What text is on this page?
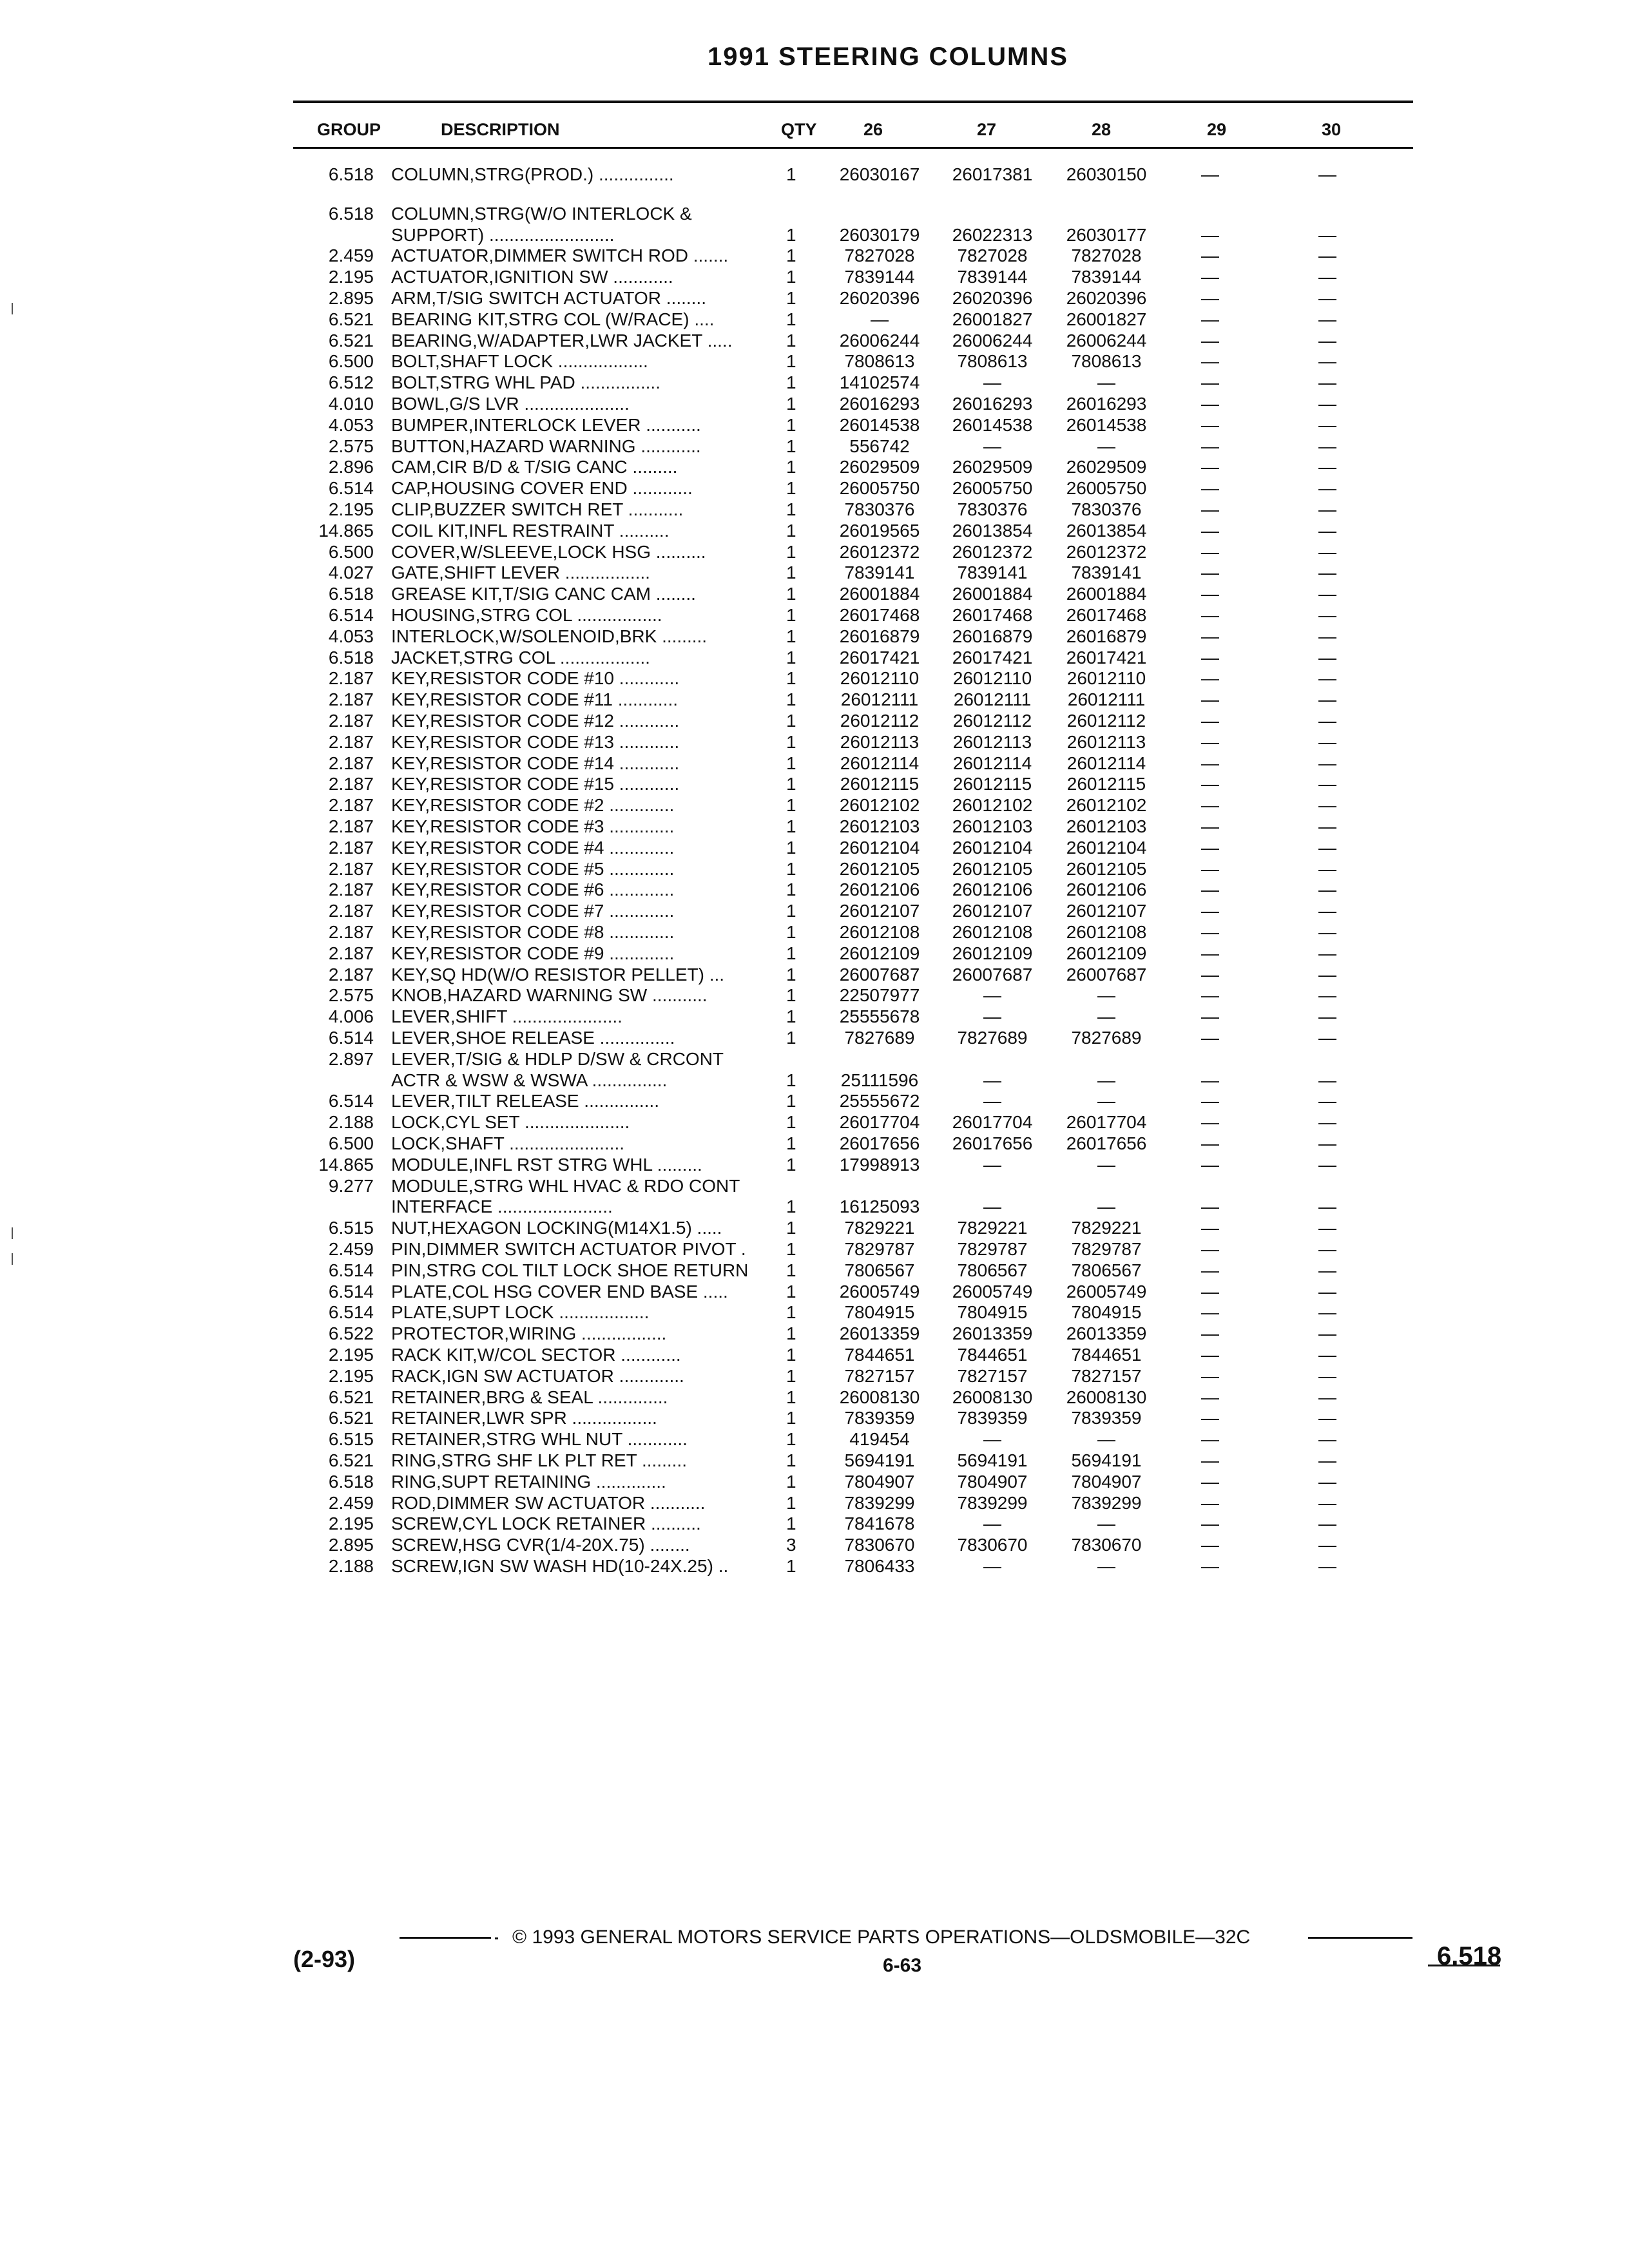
1991 STEERING COLUMNS
GROUP	DESCRIPTION	QTY	26	27	28	29	30
6.518 COLUMN,STRG(PROD.) ...............	1	26030167	26017381	26030150	—	—
6.518 COLUMN,STRG(W/O INTERLOCK &
SUPPORT) .........................	1	26030179	26022313	26030177	—	—
2.459 ACTUATOR,DIMMER SWITCH ROD .......	1	7827028	7827028	7827028	—	—
2.195 ACTUATOR,IGNITION SW ............	1	7839144	7839144	7839144	—	—
2.895 ARM,T/SIG SWITCH ACTUATOR ........	1	26020396	26020396	26020396	—	—
6.521 BEARING KIT,STRG COL (W/RACE) ....	1	—	26001827	26001827	—	—
6.521 BEARING,W/ADAPTER,LWR JACKET .....	1	26006244	26006244	26006244	—	—
6.500 BOLT,SHAFT LOCK ..................	1	7808613	7808613	7808613	—	—
6.512 BOLT,STRG WHL PAD ................	1	14102574	—	—	—	—
4.010 BOWL,G/S LVR .....................	1	26016293	26016293	26016293	—	—
4.053 BUMPER,INTERLOCK LEVER ...........	1	26014538	26014538	26014538	—	—
2.575 BUTTON,HAZARD WARNING ............	1	556742	—	—	—	—
2.896 CAM,CIR B/D & T/SIG CANC .........	1	26029509	26029509	26029509	—	—
6.514 CAP,HOUSING COVER END ............	1	26005750	26005750	26005750	—	—
2.195 CLIP,BUZZER SWITCH RET ...........	1	7830376	7830376	7830376	—	—
14.865 COIL KIT,INFL RESTRAINT ..........	1	26019565	26013854	26013854	—	—
6.500 COVER,W/SLEEVE,LOCK HSG ..........	1	26012372	26012372	26012372	—	—
4.027 GATE,SHIFT LEVER .................	1	7839141	7839141	7839141	—	—
6.518 GREASE KIT,T/SIG CANC CAM ........	1	26001884	26001884	26001884	—	—
6.514 HOUSING,STRG COL .................	1	26017468	26017468	26017468	—	—
4.053 INTERLOCK,W/SOLENOID,BRK .........	1	26016879	26016879	26016879	—	—
6.518 JACKET,STRG COL ..................	1	26017421	26017421	26017421	—	—
2.187 KEY,RESISTOR CODE #10 ............	1	26012110	26012110	26012110	—	—
2.187 KEY,RESISTOR CODE #11 ............	1	26012111	26012111	26012111	—	—
2.187 KEY,RESISTOR CODE #12 ............	1	26012112	26012112	26012112	—	—
2.187 KEY,RESISTOR CODE #13 ............	1	26012113	26012113	26012113	—	—
2.187 KEY,RESISTOR CODE #14 ............	1	26012114	26012114	26012114	—	—
2.187 KEY,RESISTOR CODE #15 ............	1	26012115	26012115	26012115	—	—
2.187 KEY,RESISTOR CODE #2 .............	1	26012102	26012102	26012102	—	—
2.187 KEY,RESISTOR CODE #3 .............	1	26012103	26012103	26012103	—	—
2.187 KEY,RESISTOR CODE #4 .............	1	26012104	26012104	26012104	—	—
2.187 KEY,RESISTOR CODE #5 .............	1	26012105	26012105	26012105	—	—
2.187 KEY,RESISTOR CODE #6 .............	1	26012106	26012106	26012106	—	—
2.187 KEY,RESISTOR CODE #7 .............	1	26012107	26012107	26012107	—	—
2.187 KEY,RESISTOR CODE #8 .............	1	26012108	26012108	26012108	—	—
2.187 KEY,RESISTOR CODE #9 .............	1	26012109	26012109	26012109	—	—
2.187 KEY,SQ HD(W/O RESISTOR PELLET) ...	1	26007687	26007687	26007687	—	—
2.575 KNOB,HAZARD WARNING SW ...........	1	22507977	—	—	—	—
4.006 LEVER,SHIFT ......................	1	25555678	—	—	—	—
6.514 LEVER,SHOE RELEASE ...............	1	7827689	7827689	7827689	—	—
2.897 LEVER,T/SIG & HDLP D/SW & CRCONT
ACTR & WSW & WSWA ...............	1	25111596	—	—	—	—
6.514 LEVER,TILT RELEASE ...............	1	25555672	—	—	—	—
2.188 LOCK,CYL SET .....................	1	26017704	26017704	26017704	—	—
6.500 LOCK,SHAFT .......................	1	26017656	26017656	26017656	—	—
14.865 MODULE,INFL RST STRG WHL .........	1	17998913	—	—	—	—
9.277 MODULE,STRG WHL HVAC & RDO CONT
INTERFACE .......................	1	16125093	—	—	—	—
6.515 NUT,HEXAGON LOCKING(M14X1.5) .....	1	7829221	7829221	7829221	—	—
2.459 PIN,DIMMER SWITCH ACTUATOR PIVOT .	1	7829787	7829787	7829787	—	—
6.514 PIN,STRG COL TILT LOCK SHOE RETURN	1	7806567	7806567	7806567	—	—
6.514 PLATE,COL HSG COVER END BASE .....	1	26005749	26005749	26005749	—	—
6.514 PLATE,SUPT LOCK ..................	1	7804915	7804915	7804915	—	—
6.522 PROTECTOR,WIRING .................	1	26013359	26013359	26013359	—	—
2.195 RACK KIT,W/COL SECTOR ............	1	7844651	7844651	7844651	—	—
2.195 RACK,IGN SW ACTUATOR .............	1	7827157	7827157	7827157	—	—
6.521 RETAINER,BRG & SEAL ..............	1	26008130	26008130	26008130	—	—
6.521 RETAINER,LWR SPR .................	1	7839359	7839359	7839359	—	—
6.515 RETAINER,STRG WHL NUT ............	1	419454	—	—	—	—
6.521 RING,STRG SHF LK PLT RET .........	1	5694191	5694191	5694191	—	—
6.518 RING,SUPT RETAINING ..............	1	7804907	7804907	7804907	—	—
2.459 ROD,DIMMER SW ACTUATOR ...........	1	7839299	7839299	7839299	—	—
2.195 SCREW,CYL LOCK RETAINER ..........	1	7841678	—	—	—	—
2.895 SCREW,HSG CVR(1/4-20X.75) ........	3	7830670	7830670	7830670	—	—
2.188 SCREW,IGN SW WASH HD(10-24X.25) ..	1	7806433	—	—	—	—
© 1993 GENERAL MOTORS SERVICE PARTS OPERATIONS—OLDSMOBILE—32C
(2-93)	6-63	6.518
